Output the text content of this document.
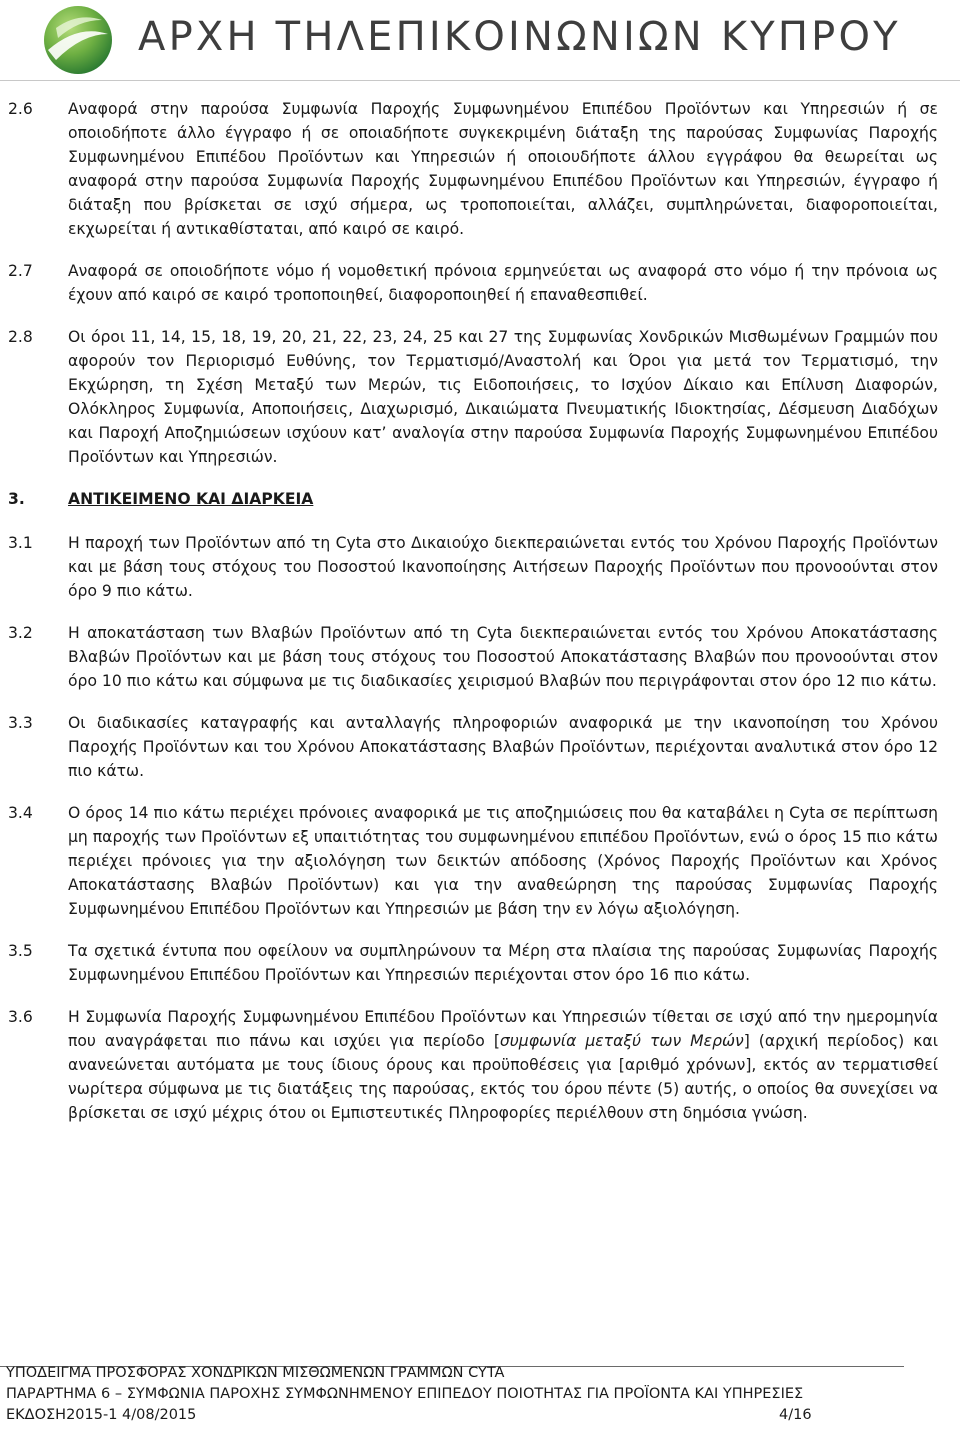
ΑΡΧΗ ΤΗΛΕΠΙΚΟΙΝΩΝΙΩΝ ΚΥΠΡΟΥ
2.6 Αναφορά στην παρούσα Συμφωνία Παροχής Συμφωνημένου Επιπέδου Προϊόντων και Υπηρεσιών ή σε οποιοδήποτε άλλο έγγραφο ή σε οποιαδήποτε συγκεκριμένη διάταξη της παρούσας Συμφωνίας Παροχής Συμφωνημένου Επιπέδου Προϊόντων και Υπηρεσιών ή οποιουδήποτε άλλου εγγράφου θα θεωρείται ως αναφορά στην παρούσα Συμφωνία Παροχής Συμφωνημένου Επιπέδου Προϊόντων και Υπηρεσιών, έγγραφο ή διάταξη που βρίσκεται σε ισχύ σήμερα, ως τροποποιείται, αλλάζει, συμπληρώνεται, διαφοροποιείται, εκχωρείται ή αντικαθίσταται, από καιρό σε καιρό.
2.7 Αναφορά σε οποιοδήποτε νόμο ή νομοθετική πρόνοια ερμηνεύεται ως αναφορά στο νόμο ή την πρόνοια ως έχουν από καιρό σε καιρό τροποποιηθεί, διαφοροποιηθεί ή επαναθεσπιθεί.
2.8 Οι όροι 11, 14, 15, 18, 19, 20, 21, 22, 23, 24, 25 και 27 της Συμφωνίας Χονδρικών Μισθωμένων Γραμμών που αφορούν τον Περιορισμό Ευθύνης, τον Τερματισμό/Αναστολή και Όροι για μετά τον Τερματισμό, την Εκχώρηση, τη Σχέση Μεταξύ των Μερών, τις Ειδοποιήσεις, το Ισχύον Δίκαιο και Επίλυση Διαφορών, Ολόκληρος Συμφωνία, Αποποιήσεις, Διαχωρισμό, Δικαιώματα Πνευματικής Ιδιοκτησίας, Δέσμευση Διαδόχων και Παροχή Αποζημιώσεων ισχύουν κατ’ αναλογία στην παρούσα Συμφωνία Παροχής Συμφωνημένου Επιπέδου Προϊόντων και Υπηρεσιών.
3.	ΑΝΤΙΚΕΙΜΕΝΟ ΚΑΙ ΔΙΑΡΚΕΙΑ
3.1 Η παροχή των Προϊόντων από τη Cyta στο Δικαιούχο διεκπεραιώνεται εντός του Χρόνου Παροχής Προϊόντων και με βάση τους στόχους του Ποσοστού Ικανοποίησης Αιτήσεων Παροχής Προϊόντων που προνοούνται στον όρο 9 πιο κάτω.
3.2 Η αποκατάσταση των Βλαβών Προϊόντων από τη Cyta διεκπεραιώνεται εντός του Χρόνου Αποκατάστασης Βλαβών Προϊόντων και με βάση τους στόχους του Ποσοστού Αποκατάστασης Βλαβών που προνοούνται στον όρο 10 πιο κάτω και σύμφωνα με τις διαδικασίες χειρισμού Βλαβών που περιγράφονται στον όρο 12 πιο κάτω.
3.3 Οι διαδικασίες καταγραφής και ανταλλαγής πληροφοριών αναφορικά με την ικανοποίηση του Χρόνου Παροχής Προϊόντων και του Χρόνου Αποκατάστασης Βλαβών Προϊόντων, περιέχονται αναλυτικά στον όρο 12 πιο κάτω.
3.4 Ο όρος 14 πιο κάτω περιέχει πρόνοιες αναφορικά με τις αποζημιώσεις που θα καταβάλει η Cyta σε περίπτωση μη παροχής των Προϊόντων εξ υπαιτιότητας του συμφωνημένου επιπέδου Προϊόντων, ενώ ο όρος 15 πιο κάτω περιέχει πρόνοιες για την αξιολόγηση των δεικτών απόδοσης (Χρόνος Παροχής Προϊόντων και Χρόνος Αποκατάστασης Βλαβών Προϊόντων) και για την αναθεώρηση της παρούσας Συμφωνίας Παροχής Συμφωνημένου Επιπέδου Προϊόντων και Υπηρεσιών με βάση την εν λόγω αξιολόγηση.
3.5 Τα σχετικά έντυπα που οφείλουν να συμπληρώνουν τα Μέρη στα πλαίσια της παρούσας Συμφωνίας Παροχής Συμφωνημένου Επιπέδου Προϊόντων και Υπηρεσιών περιέχονται στον όρο 16 πιο κάτω.
3.6 Η Συμφωνία Παροχής Συμφωνημένου Επιπέδου Προϊόντων και Υπηρεσιών τίθεται σε ισχύ από την ημερομηνία που αναγράφεται πιο πάνω και ισχύει για περίοδο [συμφωνία μεταξύ των Μερών] (αρχική περίοδος) και ανανεώνεται αυτόματα με τους ίδιους όρους και προϋποθέσεις για [αριθμό χρόνων], εκτός αν τερματισθεί νωρίτερα σύμφωνα με τις διατάξεις της παρούσας, εκτός του όρου πέντε (5) αυτής, ο οποίος θα συνεχίσει να βρίσκεται σε ισχύ μέχρις ότου οι Εμπιστευτικές Πληροφορίες περιέλθουν στη δημόσια γνώση.
ΥΠΟΔΕΙΓΜΑ ΠΡΟΣΦΟΡΑΣ ΧΟΝΔΡΙΚΩΝ ΜΙΣΘΩΜΕΝΩΝ ΓΡΑΜΜΩΝ CYTA
ΠΑΡΑΡΤΗΜΑ 6 – ΣΥΜΦΩΝΙΑ ΠΑΡΟΧΗΣ ΣΥΜΦΩΝΗΜΕΝΟΥ ΕΠΙΠΕΔΟΥ ΠΟΙΟΤΗΤΑΣ ΓΙΑ ΠΡΟΪΟΝΤΑ ΚΑΙ ΥΠΗΡΕΣΙΕΣ
ΕΚΔΟΣΗ2015-1 4/08/2015	4/16
